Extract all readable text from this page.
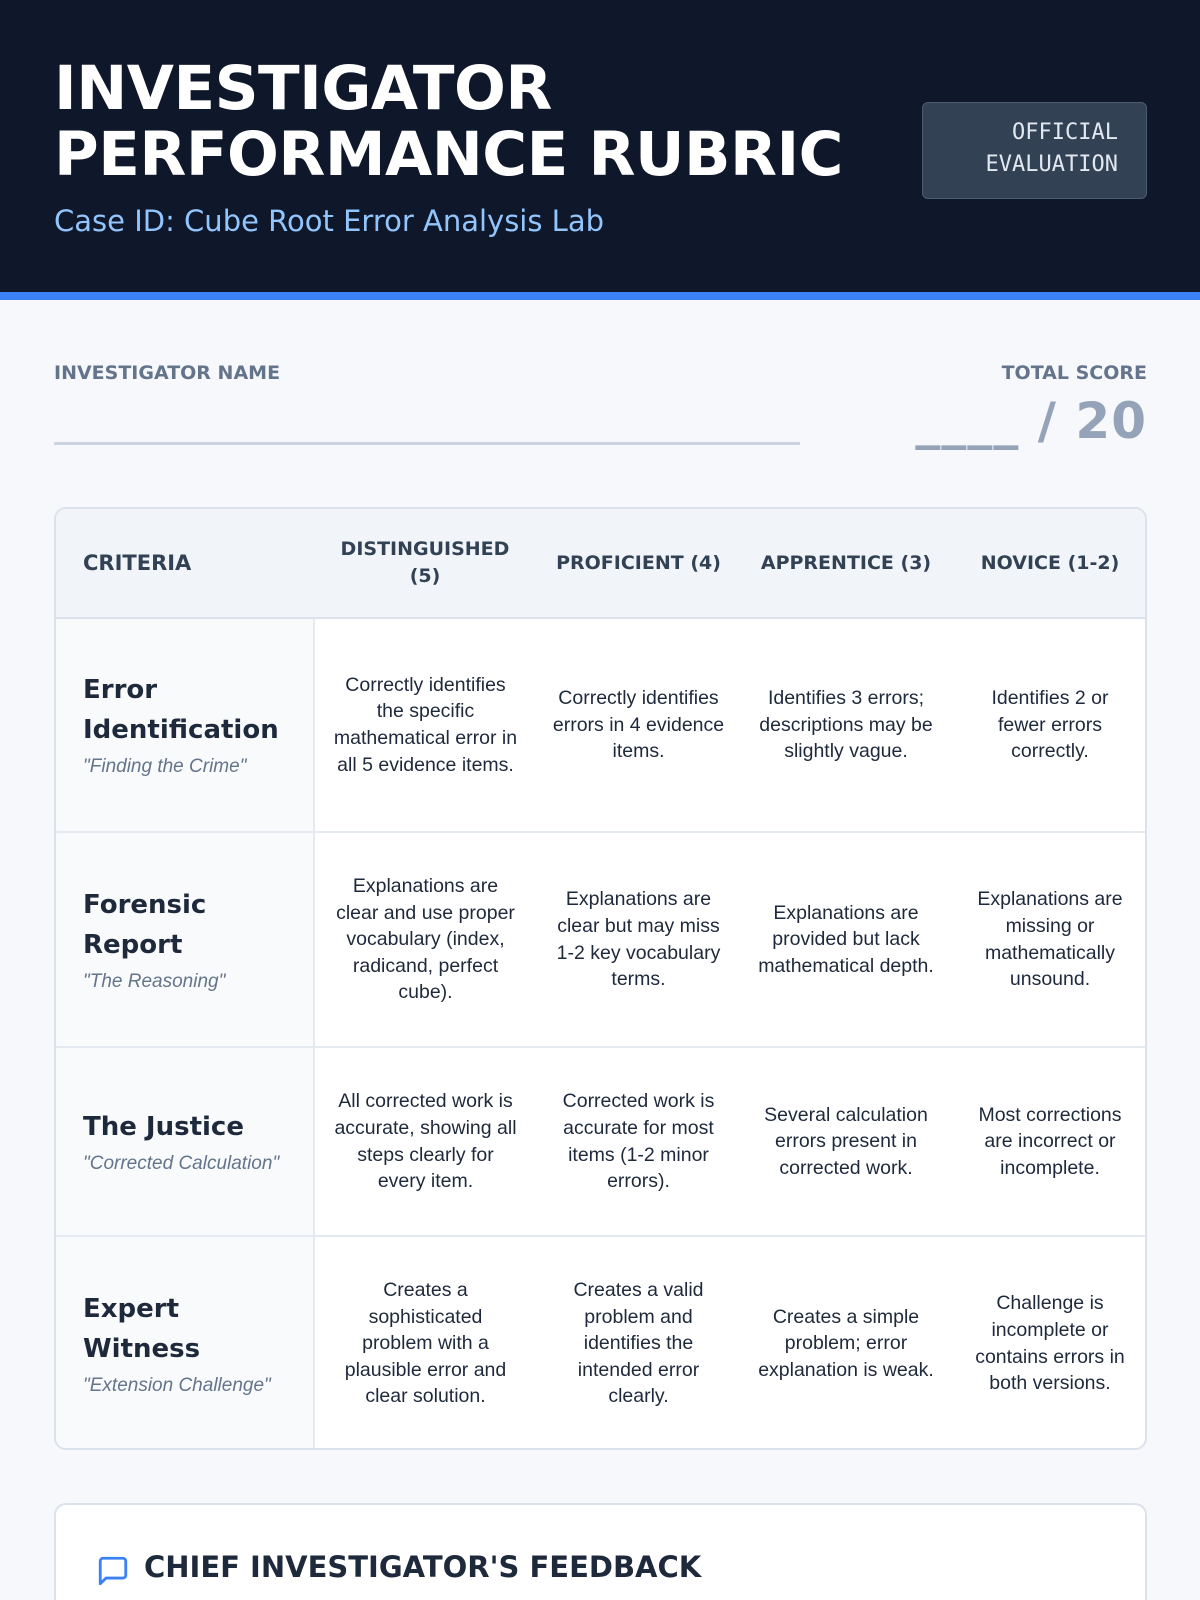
INVESTIGATOR
PERFORMANCE RUBRIC
Case ID: Cube Root Error Analysis Lab
OFFICIAL
EVALUATION
INVESTIGATOR NAME	TOTAL SCORE
____ / 20
CRITERIA	DISTINGUISHED (5)	PROFICIENT (4)	APPRENTICE (3)	NOVICE (1-2)

Error Identification
"Finding the Crime"	Correctly identifies the specific mathematical error in all 5 evidence items.	Correctly identifies errors in 4 evidence items.	Identifies 3 errors; descriptions may be slightly vague.	Identifies 2 or fewer errors correctly.

Forensic Report
"The Reasoning"	Explanations are clear and use proper vocabulary (index, radicand, perfect cube).	Explanations are clear but may miss 1-2 key vocabulary terms.	Explanations are provided but lack mathematical depth.	Explanations are missing or mathematically unsound.

The Justice
"Corrected Calculation"	All corrected work is accurate, showing all steps clearly for every item.	Corrected work is accurate for most items (1-2 minor errors).	Several calculation errors present in corrected work.	Most corrections are incorrect or incomplete.

Expert Witness
"Extension Challenge"	Creates a sophisticated problem with a plausible error and clear solution.	Creates a valid problem and identifies the intended error clearly.	Creates a simple problem; error explanation is weak.	Challenge is incomplete or contains errors in both versions.
CHIEF INVESTIGATOR'S FEEDBACK
